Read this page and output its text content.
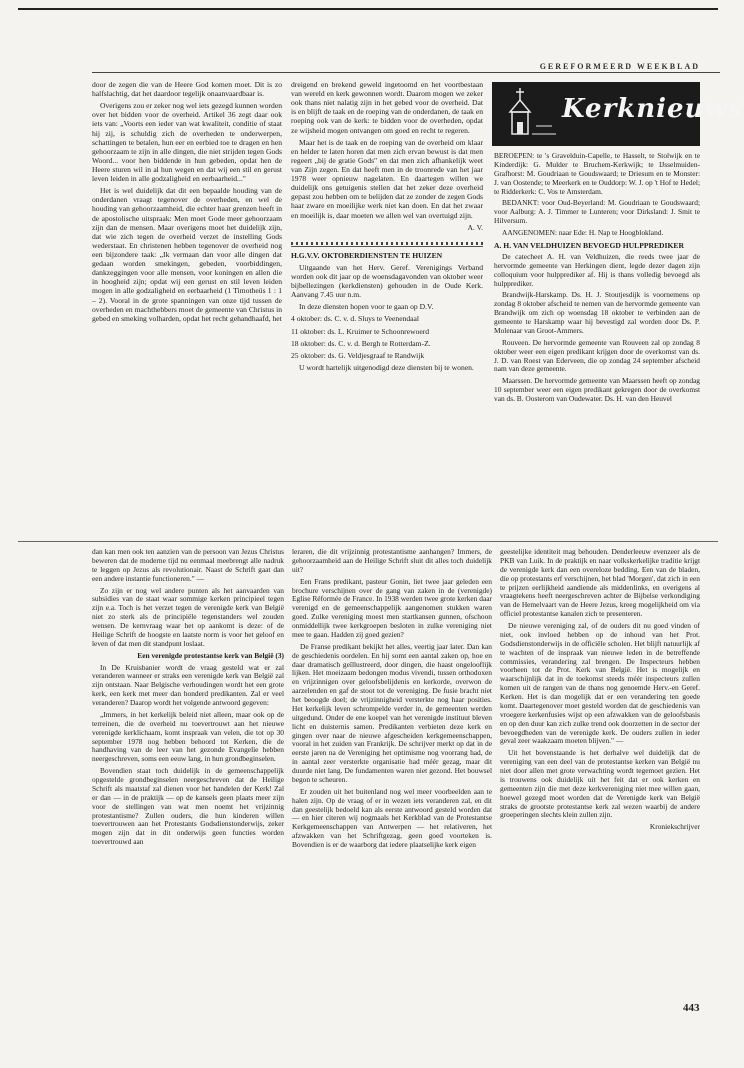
GEREFORMEERD WEEKBLAD

door de zegen die van de Heere God komen moet. Dit is zo halfslachtig, dat het daardoor tegelijk onaanvaardbaar is.

Overigens zou er zeker nog wel iets gezegd kunnen worden over het bidden voor de overheid. Artikel 36 zegt daar ook iets van: „Voorts een ieder van wat kwaliteit, conditie of staat hij zij, is schuldig zich de overheden te onderwerpen, schattingen te betalen, hun eer en eerbied toe te dragen en hen gehoorzaam te zijn in alle dingen, die niet strijden tegen Gods Woord... voor hen biddende in hun gebeden, opdat hen de Heere sturen wil in al hun wegen en dat wij een stil en gerust leven leiden in alle godzaligheid en eerbaarheid..."

Het is wel duidelijk dat dit een bepaalde houding van de onderdanen vraagt tegenover de overheden, en wel de houding van gehoorzaamheid, die echter haar grenzen heeft in de apostolische uitspraak: Men moet Gode meer gehoorzaam zijn dan de mensen. Maar overigens moet het duidelijk zijn, dat wie zich tegen de overheid verzet de instelling Gods wederstaat. En christenen hebben tegenover de overheid nog een bijzondere taak: „Ik vermaan dan voor alle dingen dat gedaan worden smekingen, gebeden, voorbiddingen, dankzeggingen voor alle mensen, voor koningen en allen die in hoogheid zijn; opdat wij een gerust en stil leven leiden mogen in alle godzaligheid en eerbaarheid (1 Timotheüs 1 : 1 – 2). Vooral in de grote spanningen van onze tijd tussen de overheden en machthebbers moet de gemeente van Christus in gebed en smeking volharden, opdat het recht gehandhaafd, het

dreigend en brekend geweld ingetoomd en het voortbestaan van wereld en kerk gewonnen wordt. Daarom mogen we zeker ook thans niet nalatig zijn in het gebed voor de overheid. Dat is en blijft de taak en de roeping van de onderdanen, de taak en roeping ook van de kerk: te bidden voor de overheden, opdat ze wijsheid mogen ontvangen om goed en recht te regeren.

Maar het is de taak en de roeping van de overheid om klaar en helder te laten horen dat men zich ervan bewust is dat men regeert „bij de gratie Gods" en dat men zich afhankelijk weet van Zijn zegen. En dat heeft men in de troonrede van het jaar 1978 weer opnieuw nagelaten. En daartegen willen we duidelijk ons getuigenis stellen dat het zeker deze overheid gepast zou hebben om te belijden dat ze zonder de zegen Gods haar zware en moeilijke werk niet kan doen. En dat het zwaar en moeilijk is, daar moeten we allen wel van overtuigd zijn.

A. V.

H.G.V.V. OKTOBERDIENSTEN TE HUIZEN

Uitgaande van het Herv. Geref. Verenigings Verband worden ook dit jaar op de woensdagavonden van oktober weer bijbellezingen (kerkdiensten) gehouden in de Oude Kerk. Aanvang 7.45 uur n.m.

In deze diensten hopen voor te gaan op D.V.

4 oktober: ds. C. v. d. Sluys te Veenendaal

11 oktober: ds. L. Kruimer te Schoonrewoerd

18 oktober: ds. C. v. d. Bergh te Rotterdam-Z.

25 oktober: ds. G. Veldjesgraaf te Randwijk

U wordt hartelijk uitgenodigd deze diensten bij te wonen.

Kerknieuws

BEROEPEN: te 's Gravelduin-Capelle, te Hasselt, te Stolwijk en te Kinderdijk: G. Mulder te Bruchem-Kerkwijk; te IJsselmuiden-Grafhorst: M. Goudriaan te Goudswaard; te Driesum en te Monster: J. van Oostende; te Meerkerk en te Ouddorp: W. J. op 't Hof te Hedel; te Ridderkerk: C. Vos te Amsterdam.

BEDANKT: voor Oud-Beyerland: M. Goudriaan te Goudswaard; voor Aalburg: A. J. Timmer te Lunteren; voor Dirksland: J. Smit te Hilversum.

AANGENOMEN: naar Ede: H. Nap te Hoogblokland.

A. H. VAN VELDHUIZEN BEVOEGD HULPPREDIKER

De catecheet A. H. van Veldhuizen, die reeds twee jaar de hervormde gemeente van Herkingen dient, legde dezer dagen zijn colloquium voor hulpprediker af. Hij is thans volledig bevoegd als hulpprediker.

Brandwijk-Harskamp. Ds. H. J. Stoutjesdijk is voornemens op zondag 8 oktober afscheid te nemen van de hervormde gemeente van Brandwijk om zich op woensdag 18 oktober te verbinden aan de gemeente te Harskamp waar hij bevestigd zal worden door Ds. P. Molenaar van Groot-Ammers.

Rouveen. De hervormde gemeente van Rouveen zal op zondag 8 oktober weer een eigen predikant krijgen door de overkomst van ds. J. D. van Roest van Ederveen, die op zondag 24 september afscheid nam van deze gemeente.

Maarssen. De hervormde gemeente van Maarssen heeft op zondag 10 september weer een eigen predikant gekregen door de overkomst van ds. B. Oosterom van Oudewater. Ds. H. van den Heuvel

dan kan men ook ten aanzien van de persoon van Jezus Christus beweren dat de moderne tijd nu eenmaal meebrengt alle nadruk te leggen op Jezus als revolutionair. Naast de Schrift gaat dan een andere instantie functioneren." —

Zo zijn er nog wel andere punten als het aanvaarden van subsidies van de staat waar sommige kerken principieel tegen zijn e.a. Toch is het verzet tegen de verenigde kerk van België niet zo sterk als de principiële tegenstanders wel zouden wensen. De kernvraag waar het op aankomt is deze: of de Heilige Schrift de hoogste en laatste norm is voor het geloof en leven of dat men dit standpunt loslaat.

Een verenigde protestantse kerk van België (3)

In De Kruisbanier wordt de vraag gesteld wat er zal veranderen wanneer er straks een verenigde kerk van België zal zijn ontstaan. Naar Belgische verhoudingen wordt het een grote kerk, een kerk met meer dan honderd predikanten. Zal er veel veranderen? Daarop wordt het volgende antwoord gegeven:

„Immers, in het kerkelijk beleid niet alleen, maar ook op de terreinen, die de overheid nu toevertrouwt aan het nieuwe verenigde kerklichaam, komt inspraak van velen, die tot op 30 september 1978 nog hebben behoord tot Kerken, die de handhaving van de leer van het gezonde Evangelie hebben neergeschreven, soms een eeuw lang, in hun grondbeginselen.

Bovendien staat toch duidelijk in de gemeenschappelijk opgestelde grondbeginselen neergeschreven dat de Heilige Schrift als maatstaf zal dienen voor het handelen der Kerk! Zal er dan — in de praktijk — op de kansels geen plaats meer zijn voor de stellingen van wat men noemt het vrijzinnig protestantisme? Zullen ouders, die hun kinderen willen toevertrouwen aan het Protestants Godsdienstonderwijs, zeker mogen zijn dat in dit onderwijs geen functies worden toevertrouwd aan

leraren, die dit vrijzinnig protestantisme aanhangen? Immers, de gehoorzaamheid aan de Heilige Schrift sluit dit alles toch duidelijk uit?

Een Frans predikant, pasteur Gonin, liet twee jaar geleden een brochure verschijnen over de gang van zaken in de (verenigde) Eglise Réformée de France. In 1938 werden twee grote kerken daar verenigd en de gemeenschappelijk aangenomen stukken waren goed. Zulke vereniging moest men startkansen gunnen, ofschoon onmiddellijk twee kerkgroepen besloten in zulke vereniging niet mee te gaan. Hadden zij goed gezien?

De Franse predikant bekijkt het alles, veertig jaar later. Dan kan de geschiedenis oordelen. En hij somt een aantal zaken op, hoe en daar dramatisch geïllustreerd, door dingen, die haast ongelooflijk lijken. Het moeizaam bedongen modus vivendi, tussen orthodoxen en vrijzinnigen over geloofsbelijdenis en kerkorde, overwon de aarzelenden en gaf de stoot tot de vereniging. De fusie bracht niet het beoogde doel; de vrijzinnigheid versterkte nog haar posities. Het kerkelijk leven schrompelde verder in, de gemeenten werden uitgedund. Onder de ene koepel van het verenigde instituut bleven licht en duisternis samen. Predikanten verbieten deze kerk en gingen over naar de nieuwe afgescheiden kerkgemeenschappen, vooral in het zuiden van Frankrijk. De schrijver merkt op dat in de eerste jaren na de Vereniging het optimisme nog voorrang had, de in aantal zeer versterkte organisatie had méér gezag, maar dit duurde niet lang. De fundamenten waren niet gezond. Het bouwsel begon te scheuren.

Er zouden uit het buitenland nog wel meer voorbeelden aan te halen zijn. Op de vraag of er in wezen iets veranderen zal, en dit dan geestelijk bedoeld kan als eerste antwoord gesteld worden dat — en hier citeren wij nogmaals het Kerkblad van de Protestantse Kerkgemeenschappen van Antwerpen — het relativeren, het afzwakken van het Schriftgezag, geen goed voorteken is. Bovendien is er de waarborg dat iedere plaatselijke kerk eigen

geestelijke identiteit mag behouden. Denderleeuw evenzeer als de PKB van Luik. In de praktijk en naar volkskerkelijke traditie krijgt de verenigde kerk dan een overeloze bedding. Een van de bladen, die op protestants erf verschijnen, het blad 'Morgen', dat zich in een te prijzen eerlijkheid aandiende als middenlinks, en overigens al vraagtekens heeft neergeschreven achter de Bijbelse verkondiging van de Hemelvaart van de Heere Jezus, kreeg mogelijkheid om via officiel protestantse kanalen zich te presenteren.

De nieuwe vereniging zal, of de ouders dit nu goed vinden of niet, ook invloed hebben op de inhoud van het Prot. Godsdienstonderwijs in de officiële scholen. Het blijft natuurlijk af te wachten of de inspraak van nieuwe leden in de betreffende commissies, verandering zal brengen. De Inspecteurs hebben voorheen tot de Prot. Kerk van België. Het is mogelijk en waarschijnlijk dat in de toekomst steeds méér inspecteurs zullen komen uit de rangen van de thans nog genoemde Herv.-en Geref. Kerken. Het is dan mogelijk dat er een verandering ten goede komt. Daartegenover moet gesteld worden dat de geschiedenis van vroegere kerkenfusies wijst op een afzwakken van de geloofsbasis en op den duur kan zich zulke trend ook doorzetten in de sector der bevoegdheden van de verenigde kerk. De ouders zullen in ieder geval zeer waakzaam moeten blijven." —

Uit het bovenstaande is het derhalve wel duidelijk dat de vereniging van een deel van de protestantse kerken van België nu niet door allen met grote verwachting wordt tegemoet gezien. Het is trouwens ook duidelijk uit het feit dat er ook kerken en gemeenten zijn die met deze kerkvereniging niet mee willen gaan, hoewel gezegd moet worden dat de Verenigde kerk van België straks de grootste protestantse kerk zal wezen waarbij de andere groeperingen slechts klein zullen zijn.

Kroniekschrijver

443
